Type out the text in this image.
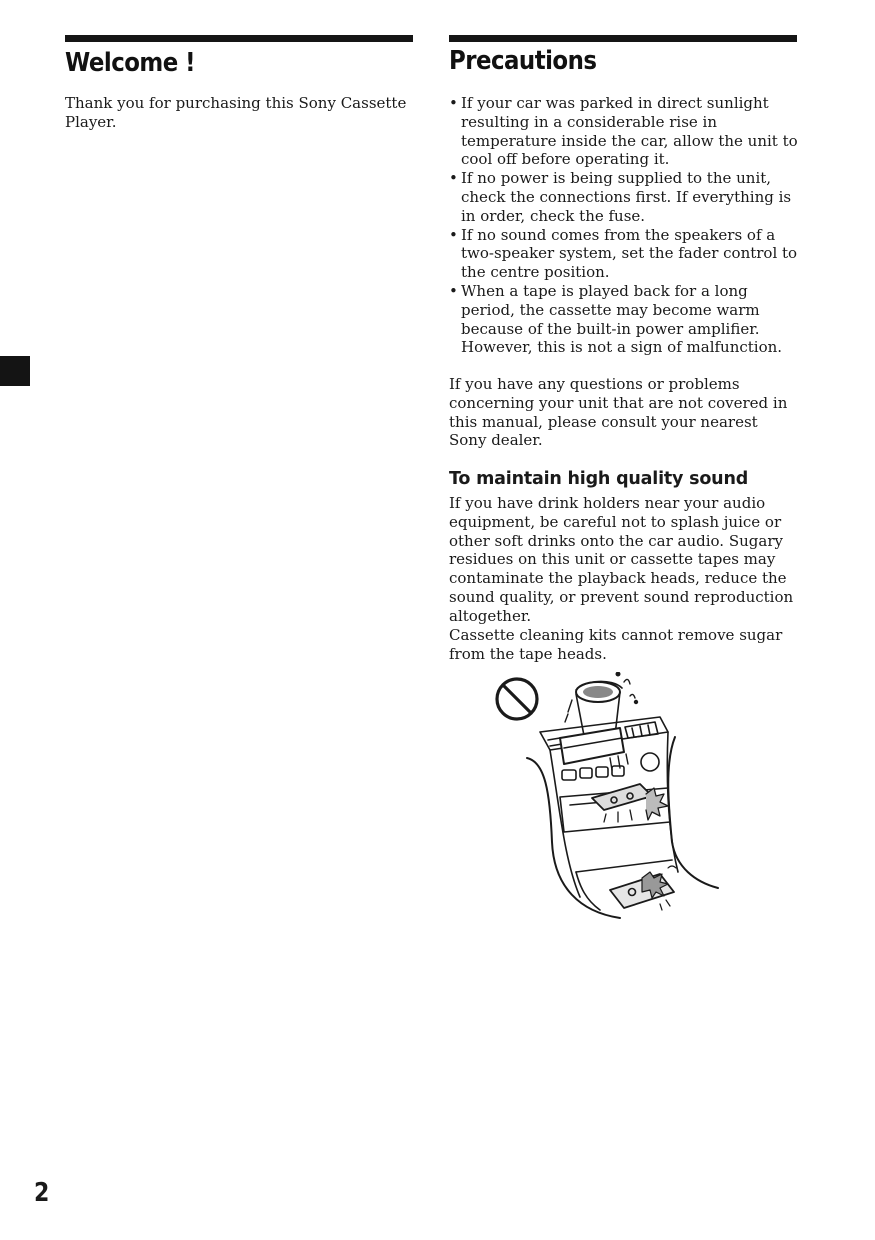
Welcome !

Thank you for purchasing this Sony Cassette Player.

Precautions
• If your car was parked in direct sunlight resulting in a considerable rise in temperature inside the car, allow the unit to cool off before operating it.
• If no power is being supplied to the unit, check the connections first. If everything is in order, check the fuse.
• If no sound comes from the speakers of a two-speaker system, set the fader control to the centre position.
• When a tape is played back for a long period, the cassette may become warm because of the built-in power amplifier. However, this is not a sign of malfunction.

If you have any questions or problems concerning your unit that are not covered in this manual, please consult your nearest Sony dealer.

To maintain high quality sound

If you have drink holders near your audio equipment, be careful not to splash juice or other soft drinks onto the car audio. Sugary residues on this unit or cassette tapes may contaminate the playback heads, reduce the sound quality, or prevent sound reproduction altogether.

Cassette cleaning kits cannot remove sugar from the tape heads.

2
